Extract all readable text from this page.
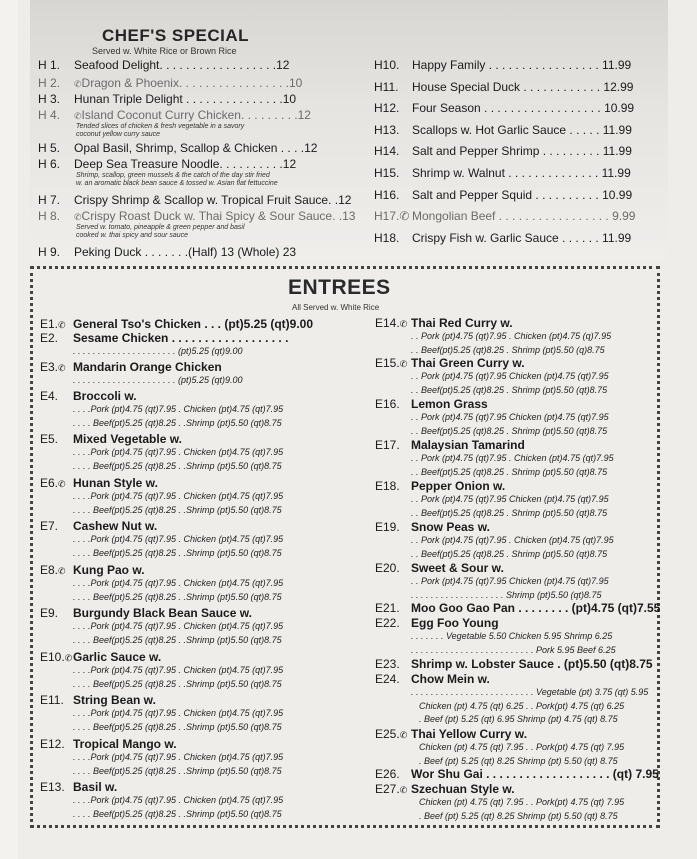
CHEF'S SPECIAL
Served w. White Rice or Brown Rice
H 1. Seafood Delight. . . . . . . . . . . . . . . . . .12
H 2. ✆Dragon & Phoenix. . . . . . . . . . . . . . . . .10
H 3. Hunan Triple Delight . . . . . . . . . . . . . . .10
H 4. ✆Island Coconut Curry Chicken. . . . . . . . .12
Tended slices of chicken & fresh vegetable in a savory
coconut yellow curry sauce
H 5. Opal Basil, Shrimp, Scallop & Chicken . . . .12
H 6. Deep Sea Treasure Noodle. . . . . . . . . .12
Shrimp, scallop, green mussels & the catch of the day stir fried
w. an aromatic black bean sauce & tossed w. Asian flat fettuccine
H 7. Crispy Shrimp & Scallop w. Tropical Fruit Sauce. .12
H 8. ✆Crispy Roast Duck w. Thai Spicy & Sour Sauce. .13
Served w. tomato, pineapple & green pepper and basil
cooked w. thai spicy and sour sauce
H 9. Peking Duck . . . . . . .(Half) 13 (Whole) 23
H10. Happy Family . . . . . . . . . . . . . . . . . 11.99
H11. House Special Duck . . . . . . . . . . . . 12.99
H12. Four Season . . . . . . . . . . . . . . . . . . 10.99
H13. Scallops w. Hot Garlic Sauce . . . . . 11.99
H14. Salt and Pepper Shrimp . . . . . . . . . 11.99
H15. Shrimp w. Walnut . . . . . . . . . . . . . . 11.99
H16. Salt and Pepper Squid . . . . . . . . . . 10.99
H17.✆ Mongolian Beef . . . . . . . . . . . . . . . . . 9.99
H18. Crispy Fish w. Garlic Sauce . . . . . . 11.99
ENTREES
All Served w. White Rice
E1.✆ General Tso's Chicken . . . (pt)5.25 (qt)9.00
E2. Sesame Chicken . . . . . . . . . . . . . . . . . .
. . . . . . . . . . . . . . . . . . . . . (pt)5.25 (qt)9.00
E3.✆ Mandarin Orange Chicken
. . . . . . . . . . . . . . . . . . . . . (pt)5.25 (qt)9.00
E4. Broccoli w.
. . . .Pork (pt)4.75 (qt)7.95 . Chicken (pt)4.75 (qt)7.95
. . . . Beef(pt)5.25 (qt)8.25 . .Shrimp (pt)5.50 (qt)8.75
E5. Mixed Vegetable w.
. . . .Pork (pt)4.75 (qt)7.95 . Chicken (pt)4.75 (qt)7.95
. . . . Beef(pt)5.25 (qt)8.25 . .Shrimp (pt)5.50 (qt)8.75
E6.✆ Hunan Style w.
. . . .Pork (pt)4.75 (qt)7.95 . Chicken (pt)4.75 (qt)7.95
. . . . Beef(pt)5.25 (qt)8.25 . .Shrimp (pt)5.50 (qt)8.75
E7. Cashew Nut w.
. . . .Pork (pt)4.75 (qt)7.95 . Chicken (pt)4.75 (qt)7.95
. . . . Beef(pt)5.25 (qt)8.25 . .Shrimp (pt)5.50 (qt)8.75
E8.✆ Kung Pao w.
. . . .Pork (pt)4.75 (qt)7.95 . Chicken (pt)4.75 (qt)7.95
. . . . Beef(pt)5.25 (qt)8.25 . .Shrimp (pt)5.50 (qt)8.75
E9. Burgundy Black Bean Sauce w.
. . . .Pork (pt)4.75 (qt)7.95 . Chicken (pt)4.75 (qt)7.95
. . . . Beef(pt)5.25 (qt)8.25 . .Shrimp (pt)5.50 (qt)8.75
E10.✆Garlic Sauce w.
. . . .Pork (pt)4.75 (qt)7.95 . Chicken (pt)4.75 (qt)7.95
. . . . Beef(pt)5.25 (qt)8.25 . .Shrimp (pt)5.50 (qt)8.75
E11. String Bean w.
. . . .Pork (pt)4.75 (qt)7.95 . Chicken (pt)4.75 (qt)7.95
. . . . Beef(pt)5.25 (qt)8.25 . .Shrimp (pt)5.50 (qt)8.75
E12. Tropical Mango w.
. . . .Pork (pt)4.75 (qt)7.95 . Chicken (pt)4.75 (qt)7.95
. . . . Beef(pt)5.25 (qt)8.25 . .Shrimp (pt)5.50 (qt)8.75
E13. Basil w.
. . . .Pork (pt)4.75 (qt)7.95 . Chicken (pt)4.75 (qt)7.95
. . . . Beef(pt)5.25 (qt)8.25 . .Shrimp (pt)5.50 (qt)8.75
E14.✆ Thai Red Curry w.
. . Pork (pt)4.75 (qt)7.95 . Chicken (pt)4.75 (q)7.95
. . Beef(pt)5.25 (qt)8.25 . Shrimp (pt)5.50 (q)8.75
E15.✆ Thai Green Curry w.
. . Pork (pt)4.75 (qt)7.95 Chicken (pt)4.75 (qt)7.95
. . Beef(pt)5.25 (qt)8.25 . Shrimp (pt)5.50 (qt)8.75
E16. Lemon Grass
. . Pork (pt)4.75 (qt)7.95 Chicken (pt)4.75 (qt)7.95
. . Beef(pt)5.25 (qt)8.25 . Shrimp (pt)5.50 (qt)8.75
E17. Malaysian Tamarind
. . Pork (pt)4.75 (qt)7.95 . Chicken (pt)4.75 (qt)7.95
. . Beef(pt)5.25 (qt)8.25 . Shrimp (pt)5.50 (qt)8.75
E18. Pepper Onion w.
. . Pork (pt)4.75 (qt)7.95 Chicken (pt)4.75 (qt)7.95
. . Beef(pt)5.25 (qt)8.25 . Shrimp (pt)5.50 (qt)8.75
E19. Snow Peas w.
. . Pork (pt)4.75 (qt)7.95 . Chicken (pt)4.75 (qt)7.95
. . Beef(pt)5.25 (qt)8.25 . Shrimp (pt)5.50 (qt)8.75
E20. Sweet & Sour w.
. . Pork (pt)4.75 (qt)7.95 Chicken (pt)4.75 (qt)7.95
. . . . . . . . . . . . . . . . . . . Shrimp (pt)5.50 (qt)8.75
E21. Moo Goo Gao Pan . . . . . . . . (pt)4.75 (qt)7.55
E22. Egg Foo Young
. . . . . . . Vegetable 5.50 Chicken 5.95 Shrimp 6.25
. . . . . . . . . . . . . . . . . . . . . . . . . Pork 5.95 Beef 6.25
E23. Shrimp w. Lobster Sauce . (pt)5.50 (qt)8.75
E24. Chow Mein w.
. . . . . . . . . . . . . . . . . . . . . . . . . Vegetable (pt) 3.75 (qt) 5.95
Chicken (pt) 4.75 (qt) 6.25 . . Pork(pt) 4.75 (qt) 6.25
. Beef (pt) 5.25 (qt) 6.95 Shrimp (pt) 4.75 (qt) 8.75
E25.✆ Thai Yellow Curry w.
Chicken (pt) 4.75 (qt) 7.95 . . Pork(pt) 4.75 (qt) 7.95
. Beef (pt) 5.25 (qt) 8.25 Shrimp (pt) 5.50 (qt) 8.75
E26. Wor Shu Gai . . . . . . . . . . . . . . . . . . . (qt) 7.95
E27.✆ Szechuan Style w.
Chicken (pt) 4.75 (qt) 7.95 . . Pork(pt) 4.75 (qt) 7.95
. Beef (pt) 5.25 (qt) 8.25 Shrimp (pt) 5.50 (qt) 8.75
